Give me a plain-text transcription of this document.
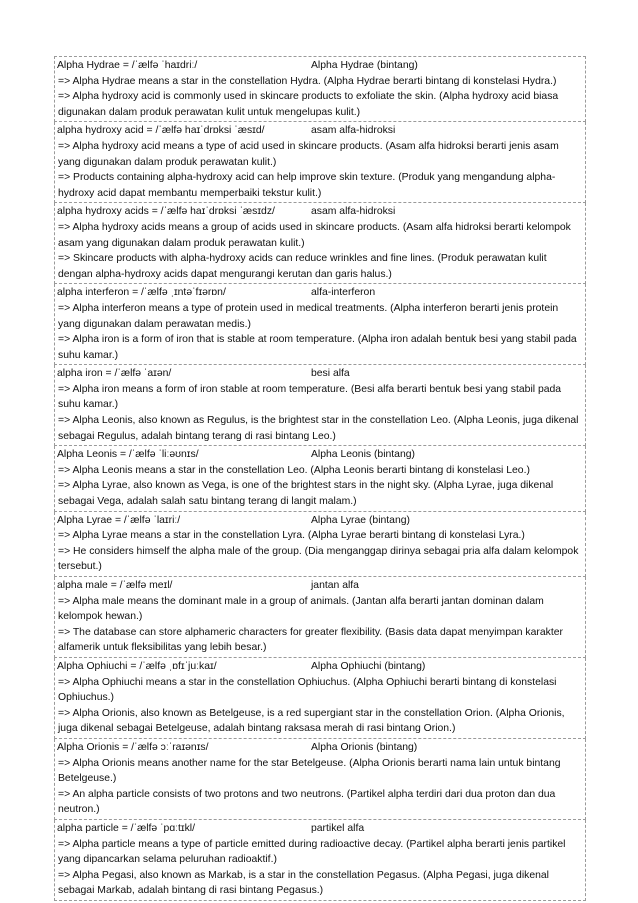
Alpha Hydrae = /ˈælfə ˈhaɪdriː/	Alpha Hydrae (bintang)
=> Alpha Hydrae means a star in the constellation Hydra. (Alpha Hydrae berarti bintang di konstelasi Hydra.)
=> Alpha hydroxy acid is commonly used in skincare products to exfoliate the skin. (Alpha hydroxy acid biasa digunakan dalam produk perawatan kulit untuk mengelupas kulit.)
alpha hydroxy acid = /ˈælfə haɪˈdrɒksi ˈæsɪd/	asam alfa-hidroksi
=> Alpha hydroxy acid means a type of acid used in skincare products. (Asam alfa hidroksi berarti jenis asam yang digunakan dalam produk perawatan kulit.)
=> Products containing alpha-hydroxy acid can help improve skin texture. (Produk yang mengandung alpha-hydroxy acid dapat membantu memperbaiki tekstur kulit.)
alpha hydroxy acids = /ˈælfə haɪˈdrɒksi ˈæsɪdz/	asam alfa-hidroksi
=> Alpha hydroxy acids means a group of acids used in skincare products. (Asam alfa hidroksi berarti kelompok asam yang digunakan dalam produk perawatan kulit.)
=> Skincare products with alpha-hydroxy acids can reduce wrinkles and fine lines. (Produk perawatan kulit dengan alpha-hydroxy acids dapat mengurangi kerutan dan garis halus.)
alpha interferon = /ˈælfə ˌɪntəˈfɪərɒn/	alfa-interferon
=> Alpha interferon means a type of protein used in medical treatments. (Alpha interferon berarti jenis protein yang digunakan dalam perawatan medis.)
=> Alpha iron is a form of iron that is stable at room temperature. (Alpha iron adalah bentuk besi yang stabil pada suhu kamar.)
alpha iron = /ˈælfə ˈaɪən/	besi alfa
=> Alpha iron means a form of iron stable at room temperature. (Besi alfa berarti bentuk besi yang stabil pada suhu kamar.)
=> Alpha Leonis, also known as Regulus, is the brightest star in the constellation Leo. (Alpha Leonis, juga dikenal sebagai Regulus, adalah bintang terang di rasi bintang Leo.)
Alpha Leonis = /ˈælfə ˈliːəʊnɪs/	Alpha Leonis (bintang)
=> Alpha Leonis means a star in the constellation Leo. (Alpha Leonis berarti bintang di konstelasi Leo.)
=> Alpha Lyrae, also known as Vega, is one of the brightest stars in the night sky. (Alpha Lyrae, juga dikenal sebagai Vega, adalah salah satu bintang terang di langit malam.)
Alpha Lyrae = /ˈælfə ˈlaɪriː/	Alpha Lyrae (bintang)
=> Alpha Lyrae means a star in the constellation Lyra. (Alpha Lyrae berarti bintang di konstelasi Lyra.)
=> He considers himself the alpha male of the group. (Dia menganggap dirinya sebagai pria alfa dalam kelompok tersebut.)
alpha male = /ˈælfə meɪl/	jantan alfa
=> Alpha male means the dominant male in a group of animals. (Jantan alfa berarti jantan dominan dalam kelompok hewan.)
=> The database can store alphameric characters for greater flexibility. (Basis data dapat menyimpan karakter alfamerik untuk fleksibilitas yang lebih besar.)
Alpha Ophiuchi = /ˈælfə ˌɒfɪˈjuːkaɪ/	Alpha Ophiuchi (bintang)
=> Alpha Ophiuchi means a star in the constellation Ophiuchus. (Alpha Ophiuchi berarti bintang di konstelasi Ophiuchus.)
=> Alpha Orionis, also known as Betelgeuse, is a red supergiant star in the constellation Orion. (Alpha Orionis, juga dikenal sebagai Betelgeuse, adalah bintang raksasa merah di rasi bintang Orion.)
Alpha Orionis = /ˈælfə ɔːˈraɪənɪs/	Alpha Orionis (bintang)
=> Alpha Orionis means another name for the star Betelgeuse. (Alpha Orionis berarti nama lain untuk bintang Betelgeuse.)
=> An alpha particle consists of two protons and two neutrons. (Partikel alpha terdiri dari dua proton dan dua neutron.)
alpha particle = /ˈælfə ˈpɑːtɪkl/	partikel alfa
=> Alpha particle means a type of particle emitted during radioactive decay. (Partikel alpha berarti jenis partikel yang dipancarkan selama peluruhan radioaktif.)
=> Alpha Pegasi, also known as Markab, is a star in the constellation Pegasus. (Alpha Pegasi, juga dikenal sebagai Markab, adalah bintang di rasi bintang Pegasus.)
